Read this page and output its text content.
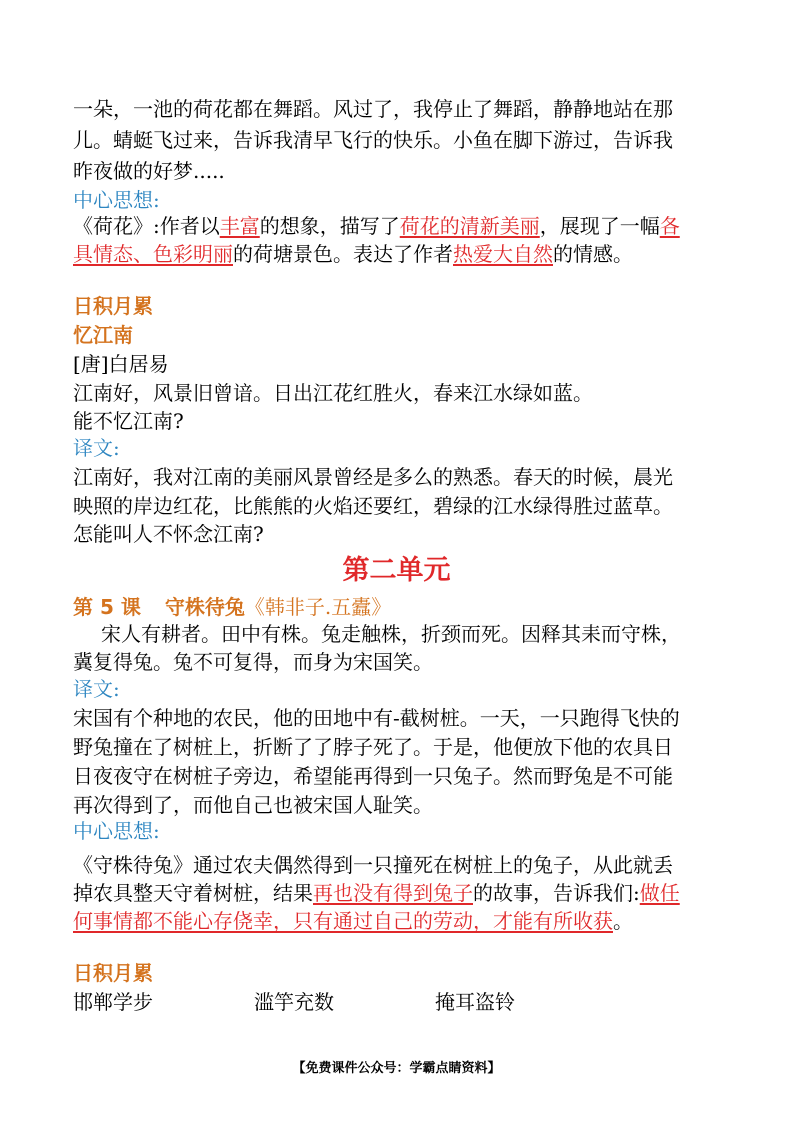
一朵，一池的荷花都在舞蹈。风过了，我停止了舞蹈，静静地站在那
儿。蜻蜓飞过来，告诉我清早飞行的快乐。小鱼在脚下游过，告诉我
昨夜做的好梦.....
中心思想:
《荷花》:作者以丰富的想象，描写了荷花的清新美丽，展现了一幅各
具情态、色彩明丽的荷塘景色。表达了作者热爱大自然的情感。
日积月累
忆江南
[唐]白居易
江南好，风景旧曾谙。日出江花红胜火，春来江水绿如蓝。
能不忆江南?
译文:
江南好，我对江南的美丽风景曾经是多么的熟悉。春天的时候，晨光
映照的岸边红花，比熊熊的火焰还要红，碧绿的江水绿得胜过蓝草。
怎能叫人不怀念江南?
第二单元
第 5 课 守株待兔《韩非子.五蠹》
宋人有耕者。田中有株。兔走触株，折颈而死。因释其耒而守株，
冀复得兔。兔不可复得，而身为宋国笑。
译文:
宋国有个种地的农民，他的田地中有-截树桩。一天，一只跑得飞快的
野兔撞在了树桩上，折断了了脖子死了。于是，他便放下他的农具日
日夜夜守在树桩子旁边，希望能再得到一只兔子。然而野兔是不可能
再次得到了，而他自己也被宋国人耻笑。
中心思想:
《守株待兔》通过农夫偶然得到一只撞死在树桩上的兔子，从此就丢
掉农具整天守着树桩，结果再也没有得到兔子的故事，告诉我们:做任
何事情都不能心存侥幸，只有通过自己的劳动，才能有所收获。
日积月累
邯郸学步	滥竽充数	掩耳盗铃
【免费课件公众号：学霸点睛资料】
